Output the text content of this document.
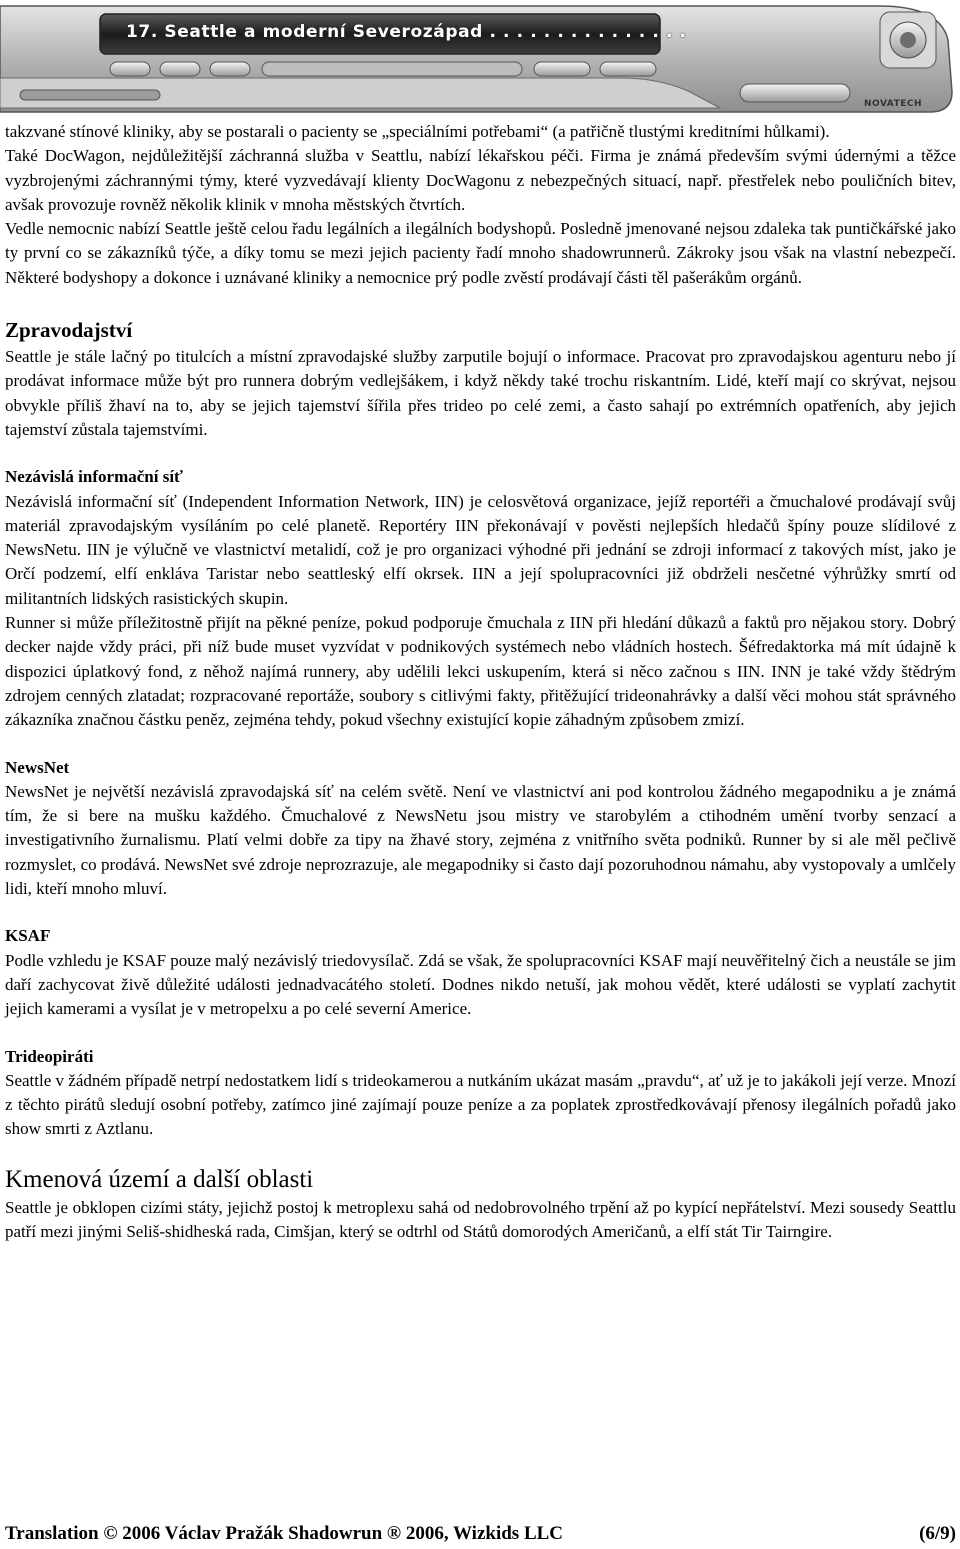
17. Seattle a moderní Severozápad . . . . . . . . . . . . . . .
NOVATECH

takzvané stínové kliniky, aby se postarali o pacienty se „speciálními potřebami“ (a patřičně tlustými kreditními hůlkami).

Také DocWagon, nejdůležitější záchranná služba v Seattlu, nabízí lékařskou péči. Firma je známá především svými údernými a těžce vyzbrojenými záchrannými týmy, které vyzvedávají klienty DocWagonu z nebezpečných situací, např. přestřelek nebo pouličních bitev, avšak provozuje rovněž několik klinik v mnoha městských čtvrtích.

Vedle nemocnic nabízí Seattle ještě celou řadu legálních a ilegálních bodyshopů. Posledně jmenované nejsou zdaleka tak puntičkářské jako ty první co se zákazníků týče, a díky tomu se mezi jejich pacienty řadí mnoho shadowrunnerů. Zákroky jsou však na vlastní nebezpečí. Některé bodyshopy a dokonce i uznávané kliniky a nemocnice prý podle zvěstí prodávají části těl pašerákům orgánů.

Zpravodajství

Seattle je stále lačný po titulcích a místní zpravodajské služby zarputile bojují o informace. Pracovat pro zpravodajskou agenturu nebo jí prodávat informace může být pro runnera dobrým vedlejšákem, i když někdy také trochu riskantním. Lidé, kteří mají co skrývat, nejsou obvykle příliš žhaví na to, aby se jejich tajemství šířila přes trideo po celé zemi, a často sahají po extrémních opatřeních, aby jejich tajemství zůstala tajemstvími.

Nezávislá informační síť

Nezávislá informační síť (Independent Information Network, IIN) je celosvětová organizace, jejíž reportéři a čmuchalové prodávají svůj materiál zpravodajským vysíláním po celé planetě. Reportéry IIN překonávají v pověsti nejlepších hledačů špíny pouze slídilové z NewsNetu. IIN je výlučně ve vlastnictví metalidí, což je pro organizaci výhodné při jednání se zdroji informací z takových míst, jako je Orčí podzemí, elfí enkláva Taristar nebo seattleský elfí okrsek. IIN a její spolupracovníci již obdrželi nesčetné výhrůžky smrtí od militantních lidských rasistických skupin.

Runner si může příležitostně přijít na pěkné peníze, pokud podporuje čmuchala z IIN při hledání důkazů a faktů pro nějakou story. Dobrý decker najde vždy práci, při níž bude muset vyzvídat v podnikových systémech nebo vládních hostech. Šéfredaktorka má mít údajně k dispozici úplatkový fond, z něhož najímá runnery, aby udělili lekci uskupením, která si něco začnou s IIN. INN je také vždy štědrým zdrojem cenných zlatadat; rozpracované reportáže, soubory s citlivými fakty, přitěžující trideonahrávky a další věci mohou stát správného zákazníka značnou částku peněz, zejména tehdy, pokud všechny existující kopie záhadným způsobem zmizí.

NewsNet

NewsNet je největší nezávislá zpravodajská síť na celém světě. Není ve vlastnictví ani pod kontrolou žádného megapodniku a je známá tím, že si bere na mušku každého. Čmuchalové z NewsNetu jsou mistry ve starobylém a ctihodném umění tvorby senzací a investigativního žurnalismu. Platí velmi dobře za tipy na žhavé story, zejména z vnitřního světa podniků. Runner by si ale měl pečlivě rozmyslet, co prodává. NewsNet své zdroje neprozrazuje, ale megapodniky si často dají pozoruhodnou námahu, aby vystopovaly a umlčely lidi, kteří mnoho mluví.

KSAF

Podle vzhledu je KSAF pouze malý nezávislý triedovysílač. Zdá se však, že spolupracovníci KSAF mají neuvěřitelný čich a neustále se jim daří zachycovat živě důležité události jednadvacátého století. Dodnes nikdo netuší, jak mohou vědět, které události se vyplatí zachytit jejich kamerami a vysílat je v metropelxu a po celé severní Americe.

Trideopiráti

Seattle v žádném případě netrpí nedostatkem lidí s trideokamerou a nutkáním ukázat masám „pravdu“, ať už je to jakákoli její verze. Mnozí z těchto pirátů sledují osobní potřeby, zatímco jiné zajímají pouze peníze a za poplatek zprostředkovávají přenosy ilegálních pořadů jako show smrti z Aztlanu.

Kmenová území a další oblasti

Seattle je obklopen cizími státy, jejichž postoj k metroplexu sahá od nedobrovolného trpění až po kypící nepřátelství. Mezi sousedy Seattlu patří mezi jinými Seliš-shidheská rada, Cimšjan, který se odtrhl od Států domorodých Američanů, a elfí stát Tir Tairngire.

Translation © 2006 Václav Pražák Shadowrun ® 2006, Wizkids LLC	(6/9)
